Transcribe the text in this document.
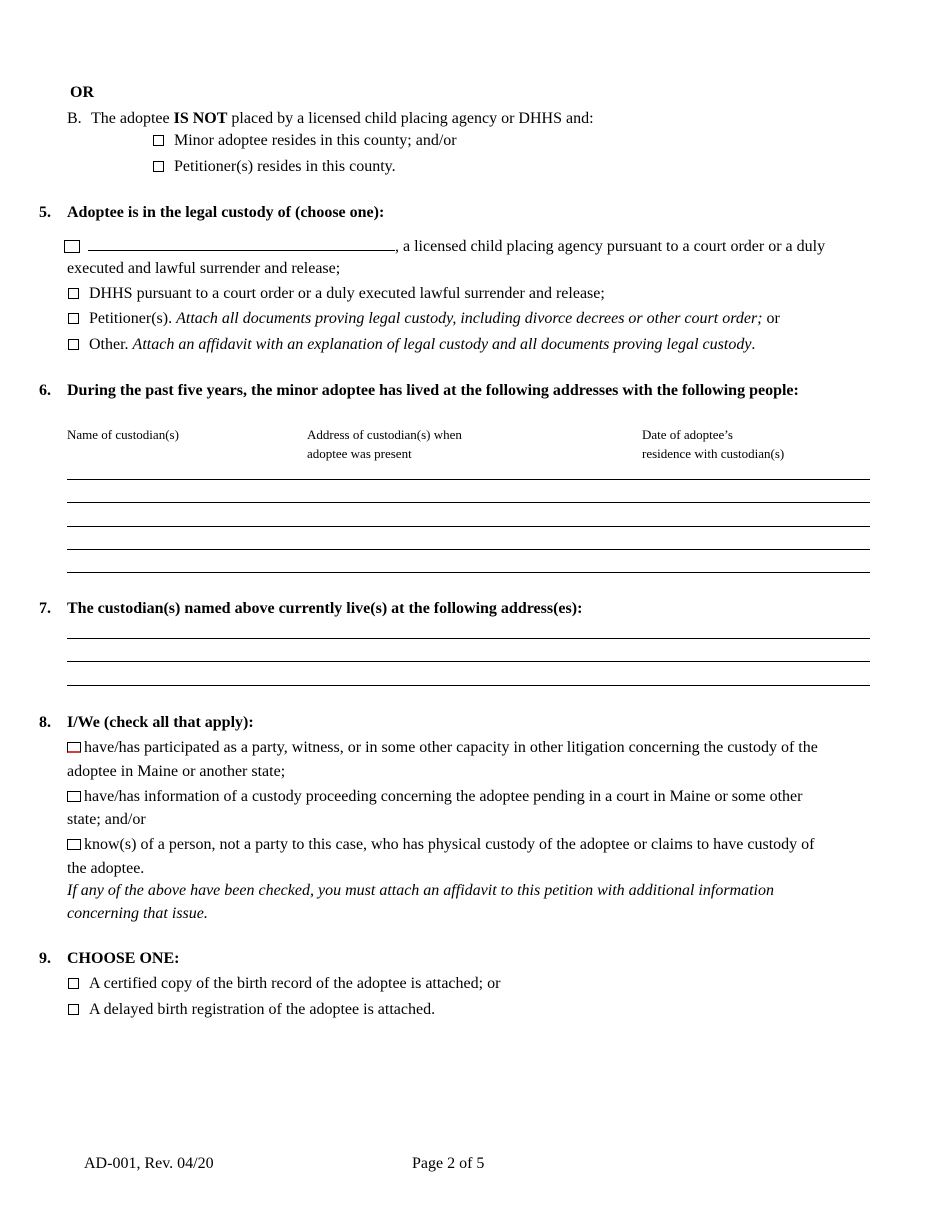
OR
B. The adoptee IS NOT placed by a licensed child placing agency or DHHS and:
Minor adoptee resides in this county; and/or
Petitioner(s) resides in this county.
5. Adoptee is in the legal custody of (choose one):
, a licensed child placing agency pursuant to a court order or a duly
executed and lawful surrender and release;
DHHS pursuant to a court order or a duly executed lawful surrender and release;
Petitioner(s). Attach all documents proving legal custody, including divorce decrees or other court order; or
Other. Attach an affidavit with an explanation of legal custody and all documents proving legal custody.
6. During the past five years, the minor adoptee has lived at the following addresses with the following people:
Name of custodian(s)	Address of custodian(s) when
adoptee was present
Date of adoptee’s
residence with custodian(s)
7. The custodian(s) named above currently live(s) at the following address(es):
8. I/We (check all that apply):
have/has participated as a party, witness, or in some other capacity in other litigation concerning the custody of the
adoptee in Maine or another state;
have/has information of a custody proceeding concerning the adoptee pending in a court in Maine or some other
state; and/or
know(s) of a person, not a party to this case, who has physical custody of the adoptee or claims to have custody of
the adoptee.
If any of the above have been checked, you must attach an affidavit to this petition with additional information
concerning that issue.
9. CHOOSE ONE:
A certified copy of the birth record of the adoptee is attached; or
A delayed birth registration of the adoptee is attached.
AD-001, Rev. 04/20	Page 2 of 5
